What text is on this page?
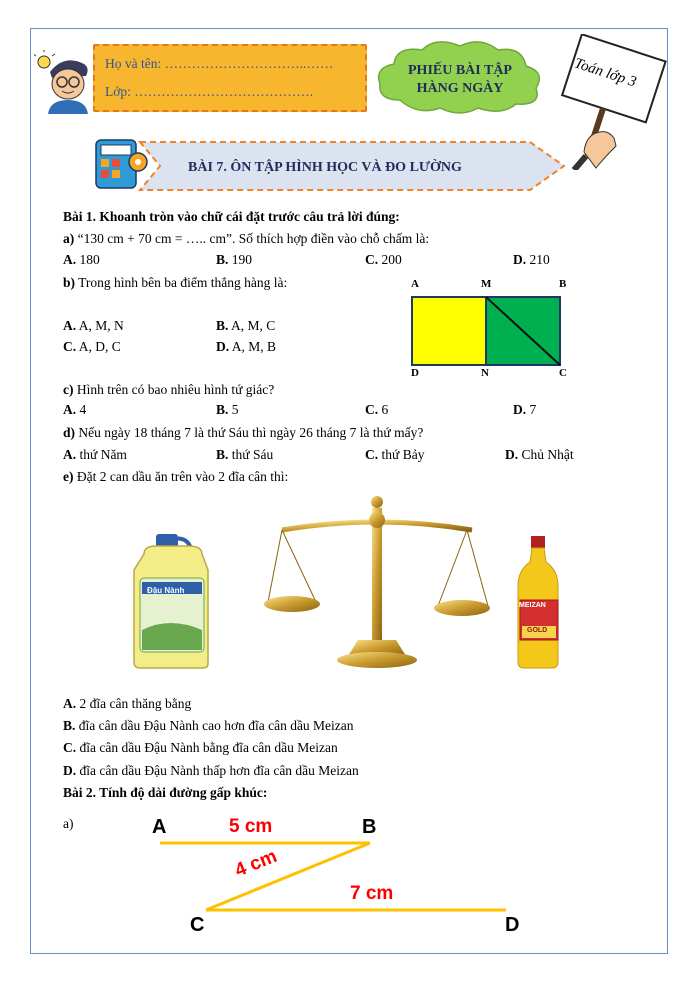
Họ và tên: …………………………..……
Lớp: ………………………………….
PHIẾU BÀI TẬP
HÀNG NGÀY	Toán lớp 3
BÀI 7. ÔN TẬP HÌNH HỌC VÀ ĐO LƯỜNG
Bài 1. Khoanh tròn vào chữ cái đặt trước câu trả lời đúng:
a) “130 cm + 70 cm = ….. cm”. Số thích hợp điền vào chỗ chấm là:
A. 180	B. 190	C. 200	D. 210
b) Trong hình bên ba điểm thẳng hàng là:
A. A, M, N	B. A, M, C
C. A, D, C	D. A, M, B
A	M	B
D	N	C
c) Hình trên có bao nhiêu hình tứ giác?
A. 4	B. 5	C. 6	D. 7
d) Nếu ngày 18 tháng 7 là thứ Sáu thì ngày 26 tháng 7 là thứ mấy?
A. thứ Năm	B. thứ Sáu	C. thứ Bảy	D. Chủ Nhật
e) Đặt 2 can dầu ăn trên vào 2 đĩa cân thì:
Đậu Nành
MEIZAN
GOLD
A. 2 đĩa cân thăng bằng
B. đĩa cân dầu Đậu Nành cao hơn đĩa cân dầu Meizan
C. đĩa cân dầu Đậu Nành bằng đĩa cân dầu Meizan
D. đĩa cân dầu Đậu Nành thấp hơn đĩa cân dầu Meizan
Bài 2. Tính độ dài đường gấp khúc:
a)	A	B
C	D
5 cm
4 cm
7 cm
